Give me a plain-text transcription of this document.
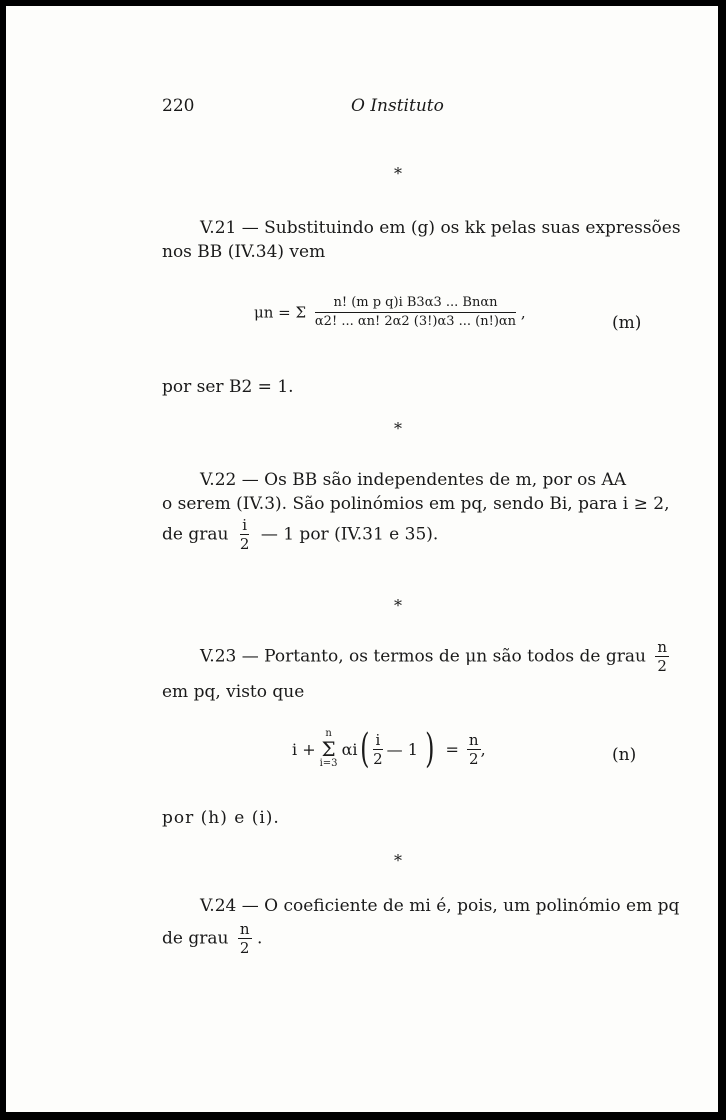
220	O Instituto
*
V.21 — Substituindo em (g) os kk pelas suas expressões
nos BB (IV.34) vem
μn = Σ $\frac{\text{n! (m p q)i B3α3 ... Bnαn}}{\alpha 2! ... \alpha n! 2\alpha 2 (3!)\alpha 3 ... (n!)\alpha n}$ ,
(m)
por ser B2 = 1.
*
V.22 — Os BB são independentes de m, por os AA
o serem (IV.3). São polinómios em pq, sendo Bi, para i ≥ 2,
de grau $\frac{i}{2}$ — 1 por (IV.31 e 35).
*
V.23 — Portanto, os termos de μn são todos de grau $\frac{n}{2}$
em pq, visto que
i +
n
Σ
i=3
αi ( $\frac{i}{2}$ — 1 ) = $\frac{n}{2}$ ,	(n)
por (h) e (i).
*
V.24 — O coeficiente de mi é, pois, um polinómio em pq
de grau $\frac{n}{2}$ .
